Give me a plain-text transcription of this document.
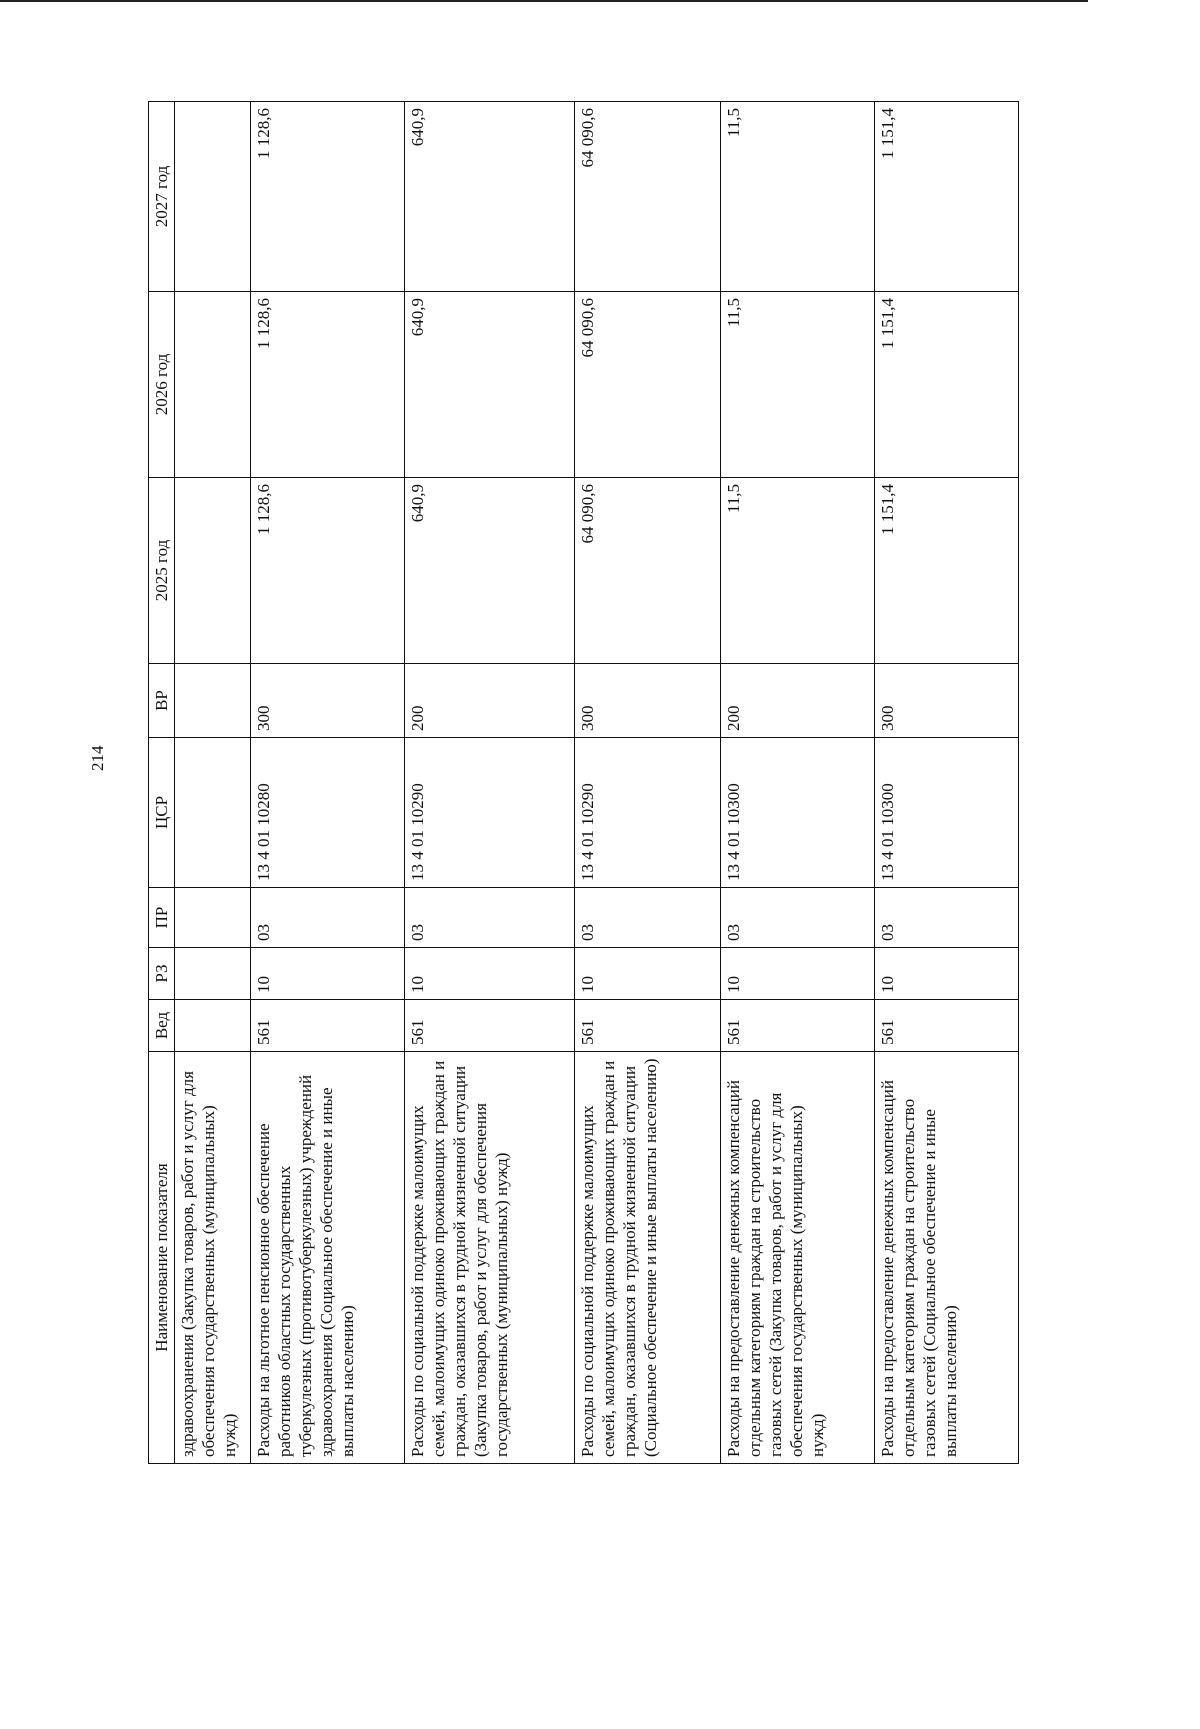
214
Наименование показателя	Вед	РЗ	ПР	ЦСР	ВР	2025 год	2026 год	2027 год
здравоохранения (Закупка товаров, работ и услуг для обеспечения государственных (муниципальных) нужд)								
Расходы на льготное пенсионное обеспечение работников областных государственных туберкулезных (противотуберкулезных) учреждений здравоохранения (Социальное обеспечение и иные выплаты населению)	561	10	03	13 4 01 10280	300	1 128,6	1 128,6	1 128,6
Расходы по социальной поддержке малоимущих семей, малоимущих одиноко проживающих граждан и граждан, оказавшихся в трудной жизненной ситуации (Закупка товаров, работ и услуг для обеспечения государственных (муниципальных) нужд)	561	10	03	13 4 01 10290	200	640,9	640,9	640,9
Расходы по социальной поддержке малоимущих семей, малоимущих одиноко проживающих граждан и граждан, оказавшихся в трудной жизненной ситуации (Социальное обеспечение и иные выплаты населению)	561	10	03	13 4 01 10290	300	64 090,6	64 090,6	64 090,6
Расходы на предоставление денежных компенсаций отдельным категориям граждан на строительство газовых сетей (Закупка товаров, работ и услуг для обеспечения государственных (муниципальных) нужд)	561	10	03	13 4 01 10300	200	11,5	11,5	11,5
Расходы на предоставление денежных компенсаций отдельным категориям граждан на строительство газовых сетей (Социальное обеспечение и иные выплаты населению)	561	10	03	13 4 01 10300	300	1 151,4	1 151,4	1 151,4
